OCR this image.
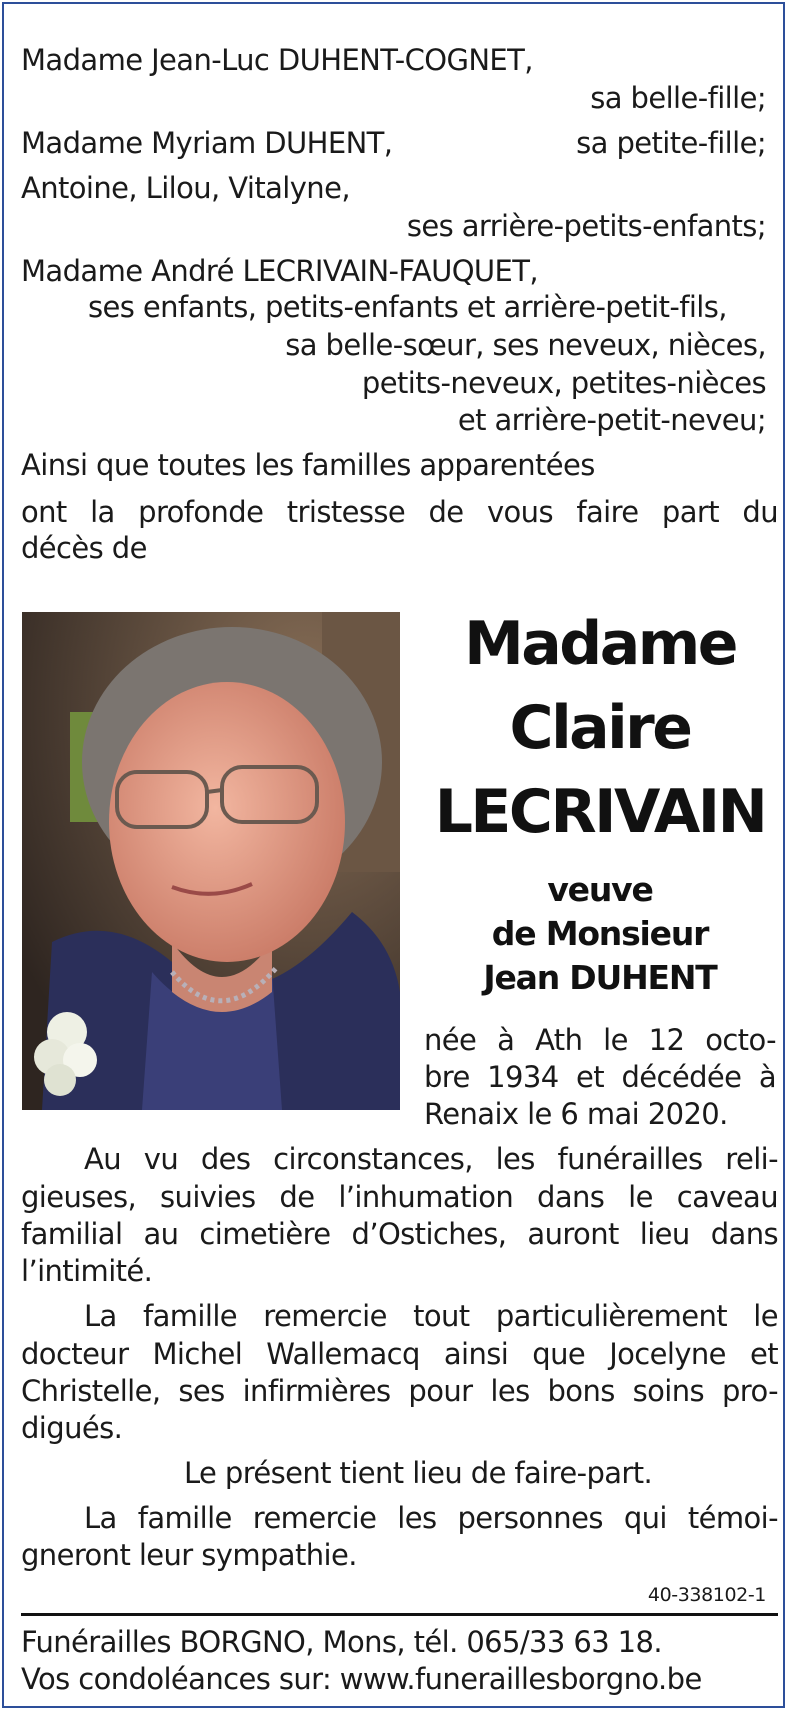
Madame Jean-Luc DUHENT-COGNET,
sa belle-fille;
Madame Myriam DUHENT,	sa petite-fille;
Antoine, Lilou, Vitalyne,
ses arrière-petits-enfants;
Madame André LECRIVAIN-FAUQUET,
ses enfants, petits-enfants et arrière-petit-fils,
sa belle-sœur, ses neveux, nièces,
petits-neveux, petites-nièces
et arrière-petit-neveu;
Ainsi que toutes les familles apparentées
ont la profonde tristesse de vous faire part du
décès de
Madame
Claire
LECRIVAIN
veuve
de Monsieur
Jean DUHENT
née à Ath le 12 octo-
bre 1934 et décédée à
Renaix le 6 mai 2020.
Au vu des circonstances, les funérailles reli-
gieuses, suivies de l’inhumation dans le caveau
familial au cimetière d’Ostiches, auront lieu dans
l’intimité.
La famille remercie tout particulièrement le
docteur Michel Wallemacq ainsi que Jocelyne et
Christelle, ses infirmières pour les bons soins pro-
digués.
Le présent tient lieu de faire-part.
La famille remercie les personnes qui témoi-
gneront leur sympathie.
40-338102-1
Funérailles BORGNO, Mons, tél. 065/33 63 18.
Vos condoléances sur: www.funeraillesborgno.be
